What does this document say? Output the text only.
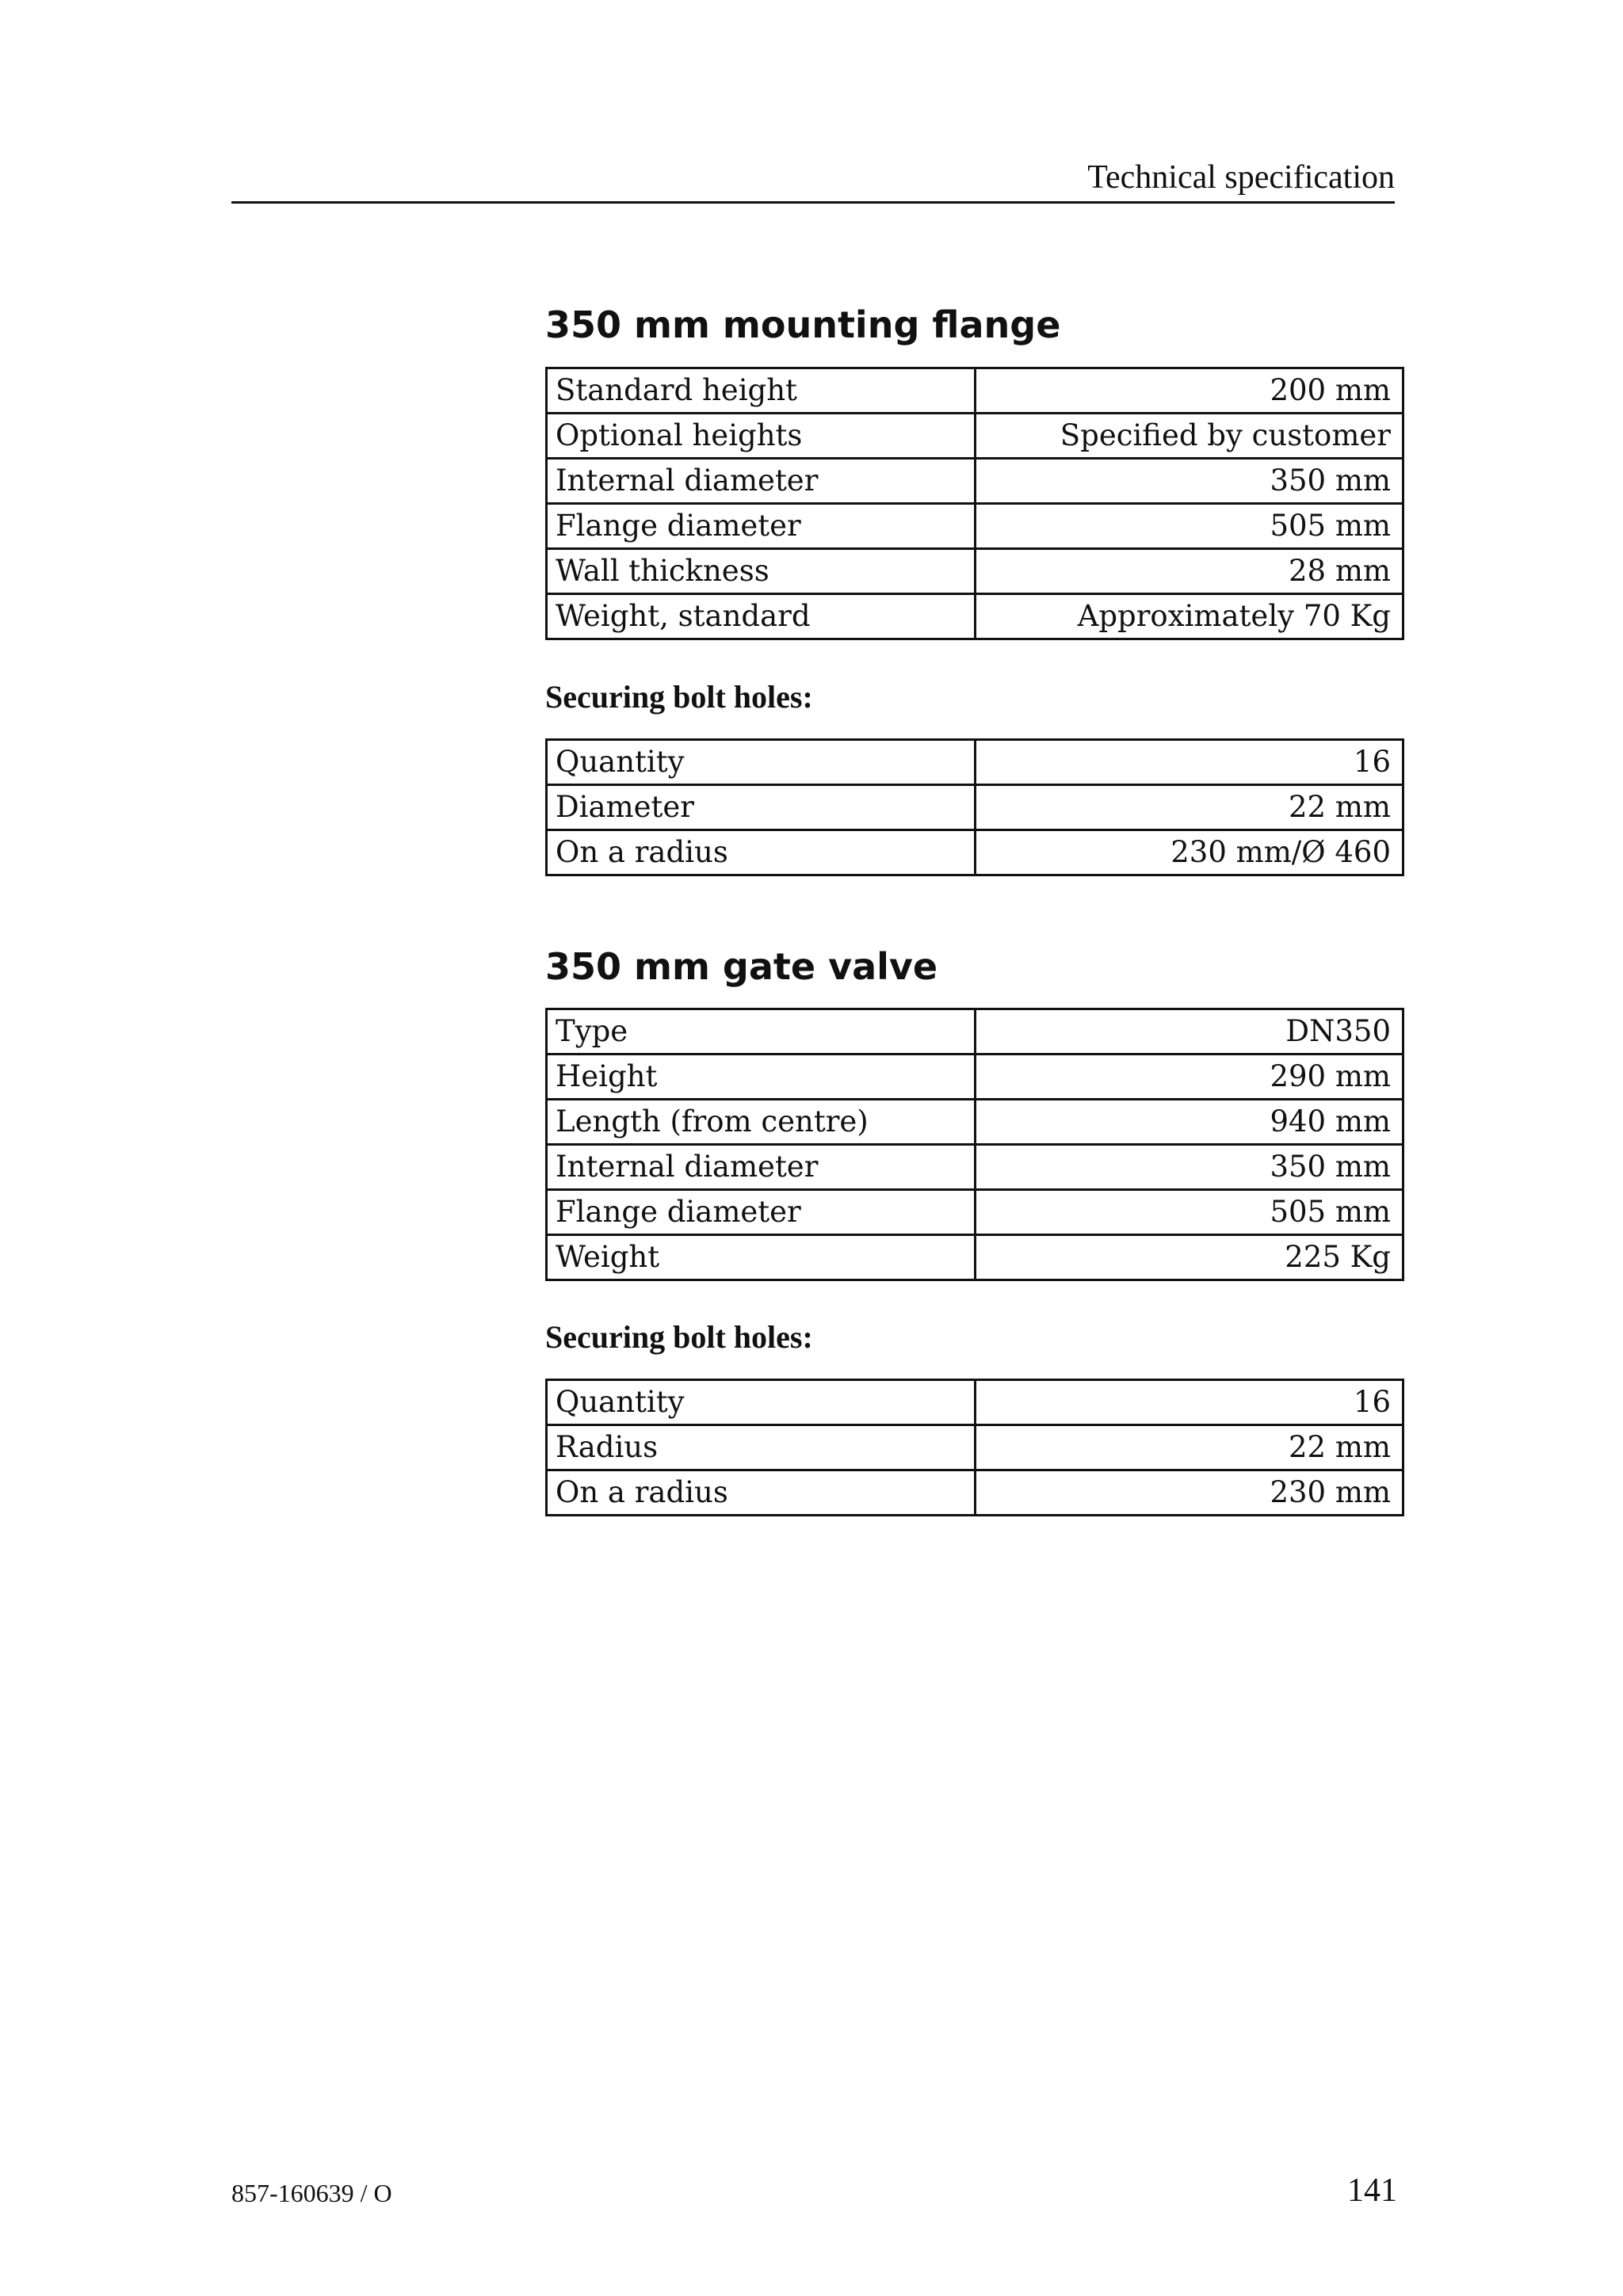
Technical specification
350 mm mounting flange
Standard height	200 mm
Optional heights	Specified by customer
Internal diameter	350 mm
Flange diameter	505 mm
Wall thickness	28 mm
Weight, standard	Approximately 70 Kg
Securing bolt holes:
Quantity	16
Diameter	22 mm
On a radius	230 mm/Ø 460
350 mm gate valve
Type	DN350
Height	290 mm
Length (from centre)	940 mm
Internal diameter	350 mm
Flange diameter	505 mm
Weight	225 Kg
Securing bolt holes:
Quantity	16
Radius	22 mm
On a radius	230 mm
857-160639 / O	141
